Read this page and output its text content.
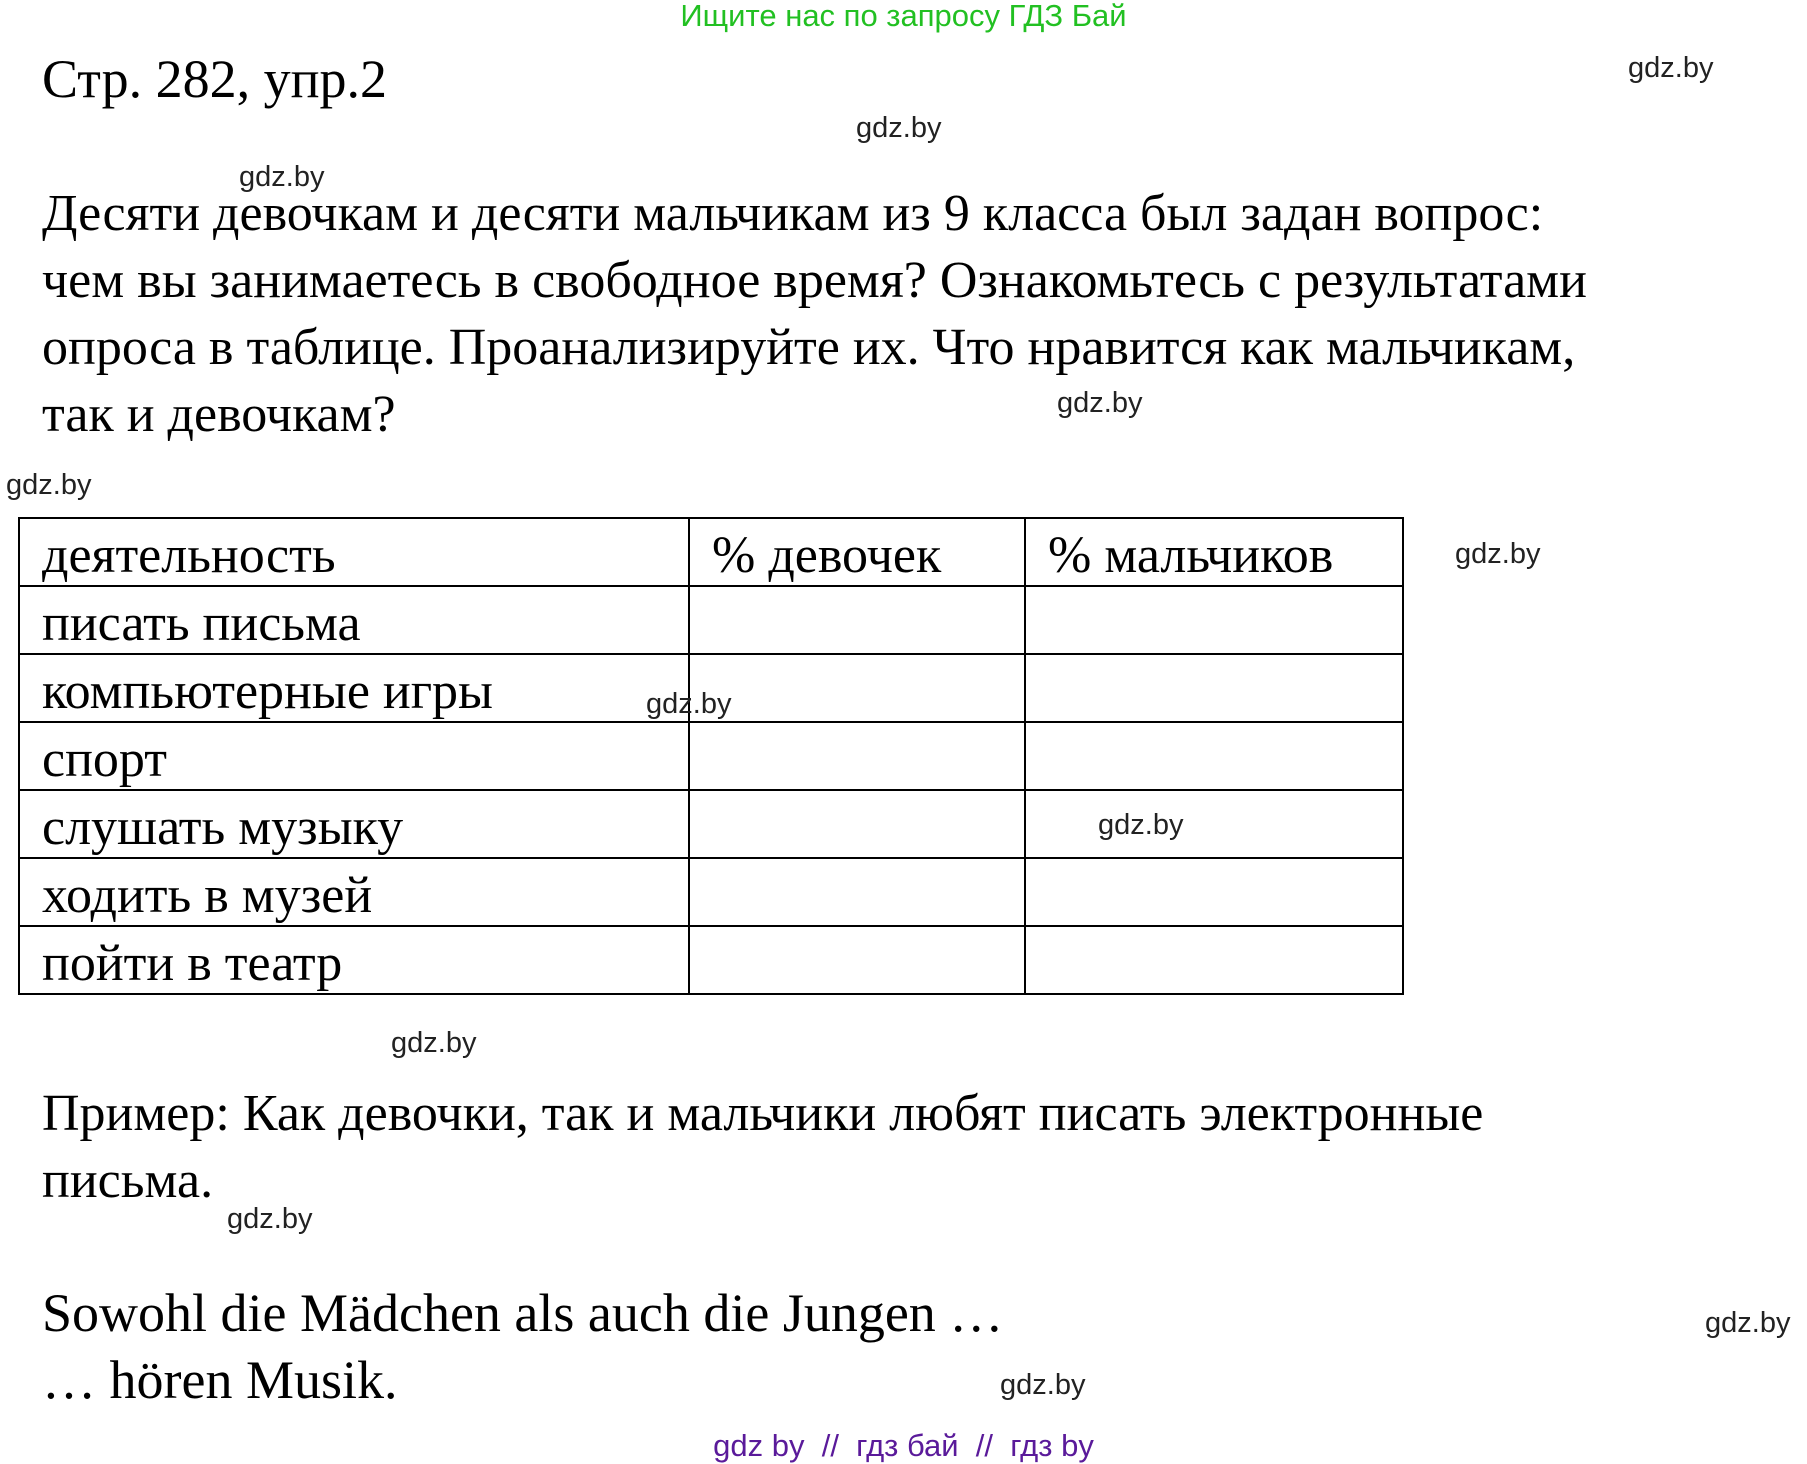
Ищите нас по запросу ГДЗ Бай
Стр. 282, упр.2
Десяти девочкам и десяти мальчикам из 9 класса был задан вопрос:
чем вы занимаетесь в свободное время? Ознакомьтесь с результатами
опроса в таблице. Проанализируйте их. Что нравится как мальчикам,
так и девочкам?
деятельность	% девочек	% мальчиков
писать письма		
компьютерные игры		
спорт		
слушать музыку		
ходить в музей		
пойти в театр		
Пример: Как девочки, так и мальчики любят писать электронные
письма.
Sowohl die Mädchen als auch die Jungen …
… hören Musik.
gdz.by
gdz.by
gdz.by
gdz.by
gdz.by
gdz.by
gdz.by
gdz.by
gdz.by
gdz.by
gdz.by
gdz.by
gdz by  //  гдз бай  //  гдз by
